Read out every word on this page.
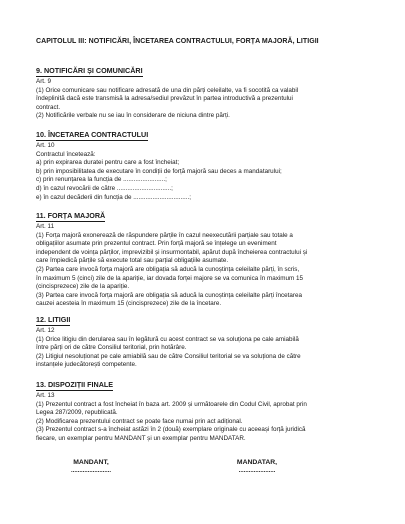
CAPITOLUL III: NOTIFICĂRI, ÎNCETAREA CONTRACTULUI, FORȚA MAJORĂ, LITIGII
9. NOTIFICĂRI ȘI COMUNICĂRI
Art. 9
(1) Orice comunicare sau notificare adresată de una din părți celeilalte, va fi socotită ca valabil
îndeplinită dacă este transmisă la adresa/sediul prevăzut în partea introductivă a prezentului
contract.
(2) Notificările verbale nu se iau în considerare de niciuna dintre părți.
10. ÎNCETAREA CONTRACTULUI
Art. 10
Contractul încetează:
a) prin expirarea duratei pentru care a fost încheiat;
b) prin imposibilitatea de executare în condiții de forță majoră sau deces a mandatarului;
c) prin renunțarea la funcția de ........................;
d) în cazul revocării de către ...............................;
e) în cazul decăderii din funcția de ................................;
11. FORȚA MAJORĂ
Art. 11
(1) Forța majoră exonerează de răspundere părțile în cazul neexecutării parțiale sau totale a
obligațiilor asumate prin prezentul contract. Prin forță majoră se înțelege un eveniment
independent de voința părților, imprevizibil și insurmontabil, apărut după încheierea contractului și
care împiedică părțile să execute total sau parțial obligațiile asumate.
(2) Partea care invocă forța majoră are obligația să aducă la cunoștința celeilalte părți, în scris,
în maximum 5 (cinci) zile de la apariție, iar dovada forței majore se va comunica în maximum 15
(cincisprezece) zile de la apariție.
(3) Partea care invocă forța majoră are obligația să aducă la cunoștința celeilalte părți încetarea
cauzei acesteia în maximum 15 (cincisprezece) zile de la încetare.
12. LITIGII
Art. 12
(1) Orice litigiu din derularea sau în legătură cu acest contract se va soluționa pe cale amiabilă
între părți ori de către Consiliul teritorial, prin hotărâre.
(2) Litigiul nesoluționat pe cale amiabilă sau de către Consiliul teritorial se va soluționa de către
instanțele judecătorești competente.
13. DISPOZIȚII FINALE
Art. 13
(1) Prezentul contract a fost încheiat în baza art. 2009 și următoarele din Codul Civil, aprobat prin
Legea 287/2009, republicată.
(2) Modificarea prezentului contract se poate face numai prin act adițional.
(3) Prezentul contract s-a încheiat astăzi în 2 (două) exemplare originale cu aceeași forță juridică
fiecare, un exemplar pentru MANDANT și un exemplar pentru MANDATAR.
MANDANT,
........................
MANDATAR,
......................
